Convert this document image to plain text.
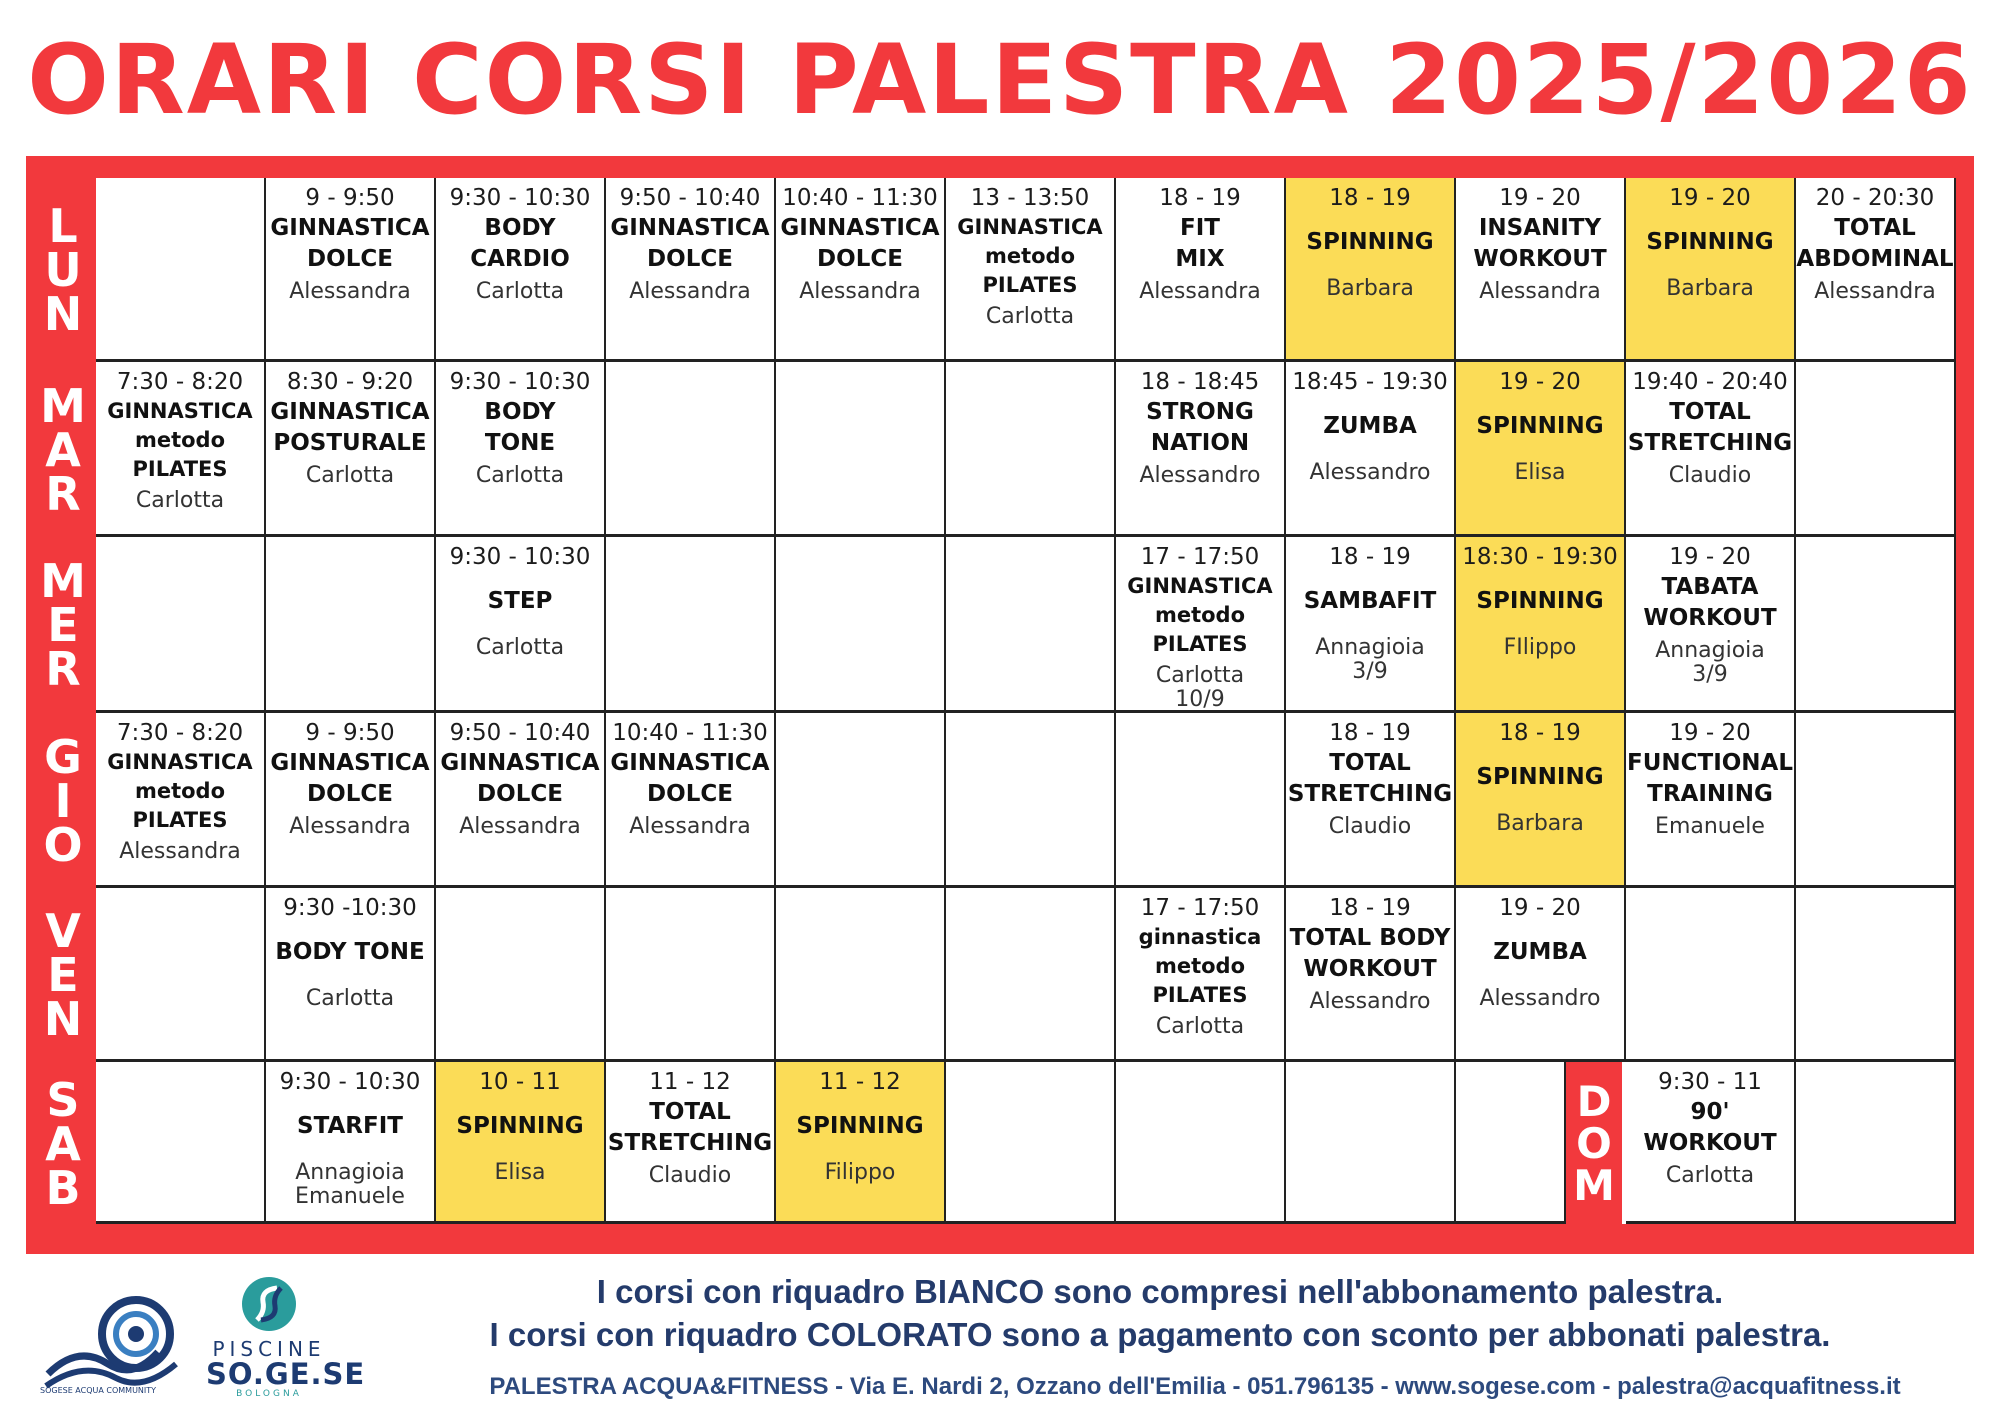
ORARI CORSI PALESTRA 2025/2026
L
U
N
M
A
R
M
E
R
G
I
O
V
E
N
S
A
B
9 - 9:50
GINNASTICA
DOLCE
Alessandra
9:30 - 10:30
BODY
CARDIO
Carlotta
9:50 - 10:40
GINNASTICA
DOLCE
Alessandra
10:40 - 11:30
GINNASTICA
DOLCE
Alessandra
13 - 13:50
GINNASTICA
metodo
PILATES
Carlotta
18 - 19
FIT
MIX
Alessandra
18 - 19
SPINNING
Barbara
19 - 20
INSANITY
WORKOUT
Alessandra
19 - 20
SPINNING
Barbara
20 - 20:30
TOTAL
ABDOMINAL
Alessandra
7:30 - 8:20
GINNASTICA
metodo
PILATES
Carlotta
8:30 - 9:20
GINNASTICA
POSTURALE
Carlotta
9:30 - 10:30
BODY
TONE
Carlotta
18 - 18:45
STRONG
NATION
Alessandro
18:45 - 19:30
ZUMBA
Alessandro
19 - 20
SPINNING
Elisa
19:40 - 20:40
TOTAL
STRETCHING
Claudio
9:30 - 10:30
STEP
Carlotta
17 - 17:50
GINNASTICA
metodo
PILATES
Carlotta
10/9
18 - 19
SAMBAFIT
Annagioia
3/9
18:30 - 19:30
SPINNING
FIlippo
19 - 20
TABATA
WORKOUT
Annagioia
3/9
7:30 - 8:20
GINNASTICA
metodo
PILATES
Alessandra
9 - 9:50
GINNASTICA
DOLCE
Alessandra
9:50 - 10:40
GINNASTICA
DOLCE
Alessandra
10:40 - 11:30
GINNASTICA
DOLCE
Alessandra
18 - 19
TOTAL
STRETCHING
Claudio
18 - 19
SPINNING
Barbara
19 - 20
FUNCTIONAL
TRAINING
Emanuele
9:30 -10:30
BODY TONE
Carlotta
17 - 17:50
ginnastica
metodo
PILATES
Carlotta
18 - 19
TOTAL BODY
WORKOUT
Alessandro
19 - 20
ZUMBA
Alessandro
9:30 - 10:30
STARFIT
Annagioia
Emanuele
10 - 11
SPINNING
Elisa
11 - 12
TOTAL
STRETCHING
Claudio
11 - 12
SPINNING
Filippo
9:30 - 11
90'
WORKOUT
Carlotta
D
O
M
I corsi con riquadro BIANCO sono compresi nell'abbonamento palestra.
I corsi con riquadro COLORATO sono a pagamento con sconto per abbonati palestra.
PALESTRA ACQUA&FITNESS - Via E. Nardi 2, Ozzano dell'Emilia - 051.796135 - www.sogese.com - palestra@acquafitness.it
SOGESE ACQUA COMMUNITY
PISCINE
SO.GE.SE
BOLOGNA
